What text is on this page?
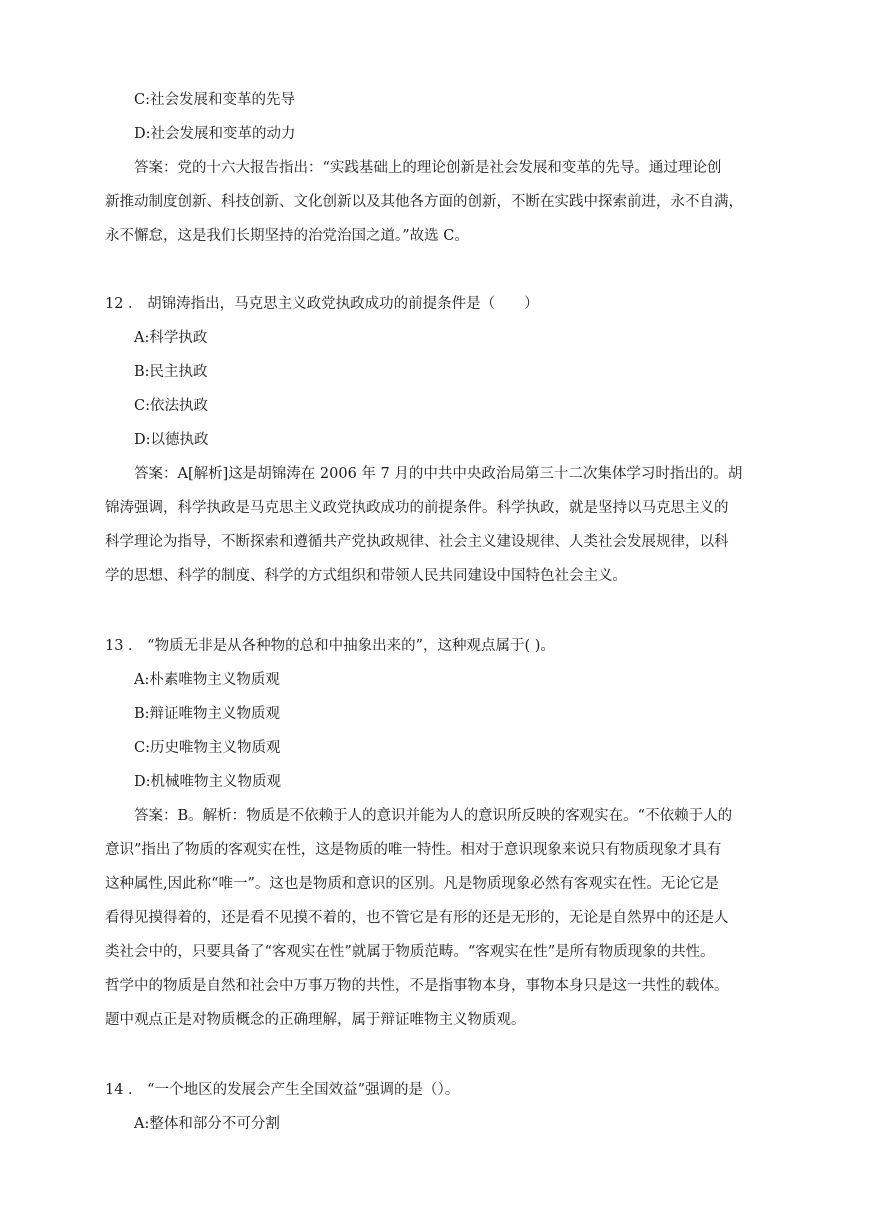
C:社会发展和变革的先导
D:社会发展和变革的动力
答案：党的十六大报告指出：“实践基础上的理论创新是社会发展和变革的先导。通过理论创
新推动制度创新、科技创新、文化创新以及其他各方面的创新，不断在实践中探索前进，永不自满，
永不懈怠，这是我们长期坚持的治党治国之道。”故选 C。
12 ． 胡锦涛指出，马克思主义政党执政成功的前提条件是（　　）
A:科学执政
B:民主执政
C:依法执政
D:以德执政
答案：A[解析]这是胡锦涛在 2006 年 7 月的中共中央政治局第三十二次集体学习时指出的。胡
锦涛强调，科学执政是马克思主义政党执政成功的前提条件。科学执政，就是坚持以马克思主义的
科学理论为指导，不断探索和遵循共产党执政规律、社会主义建设规律、人类社会发展规律，以科
学的思想、科学的制度、科学的方式组织和带领人民共同建设中国特色社会主义。
13 ． “物质无非是从各种物的总和中抽象出来的”，这种观点属于( )。
A:朴素唯物主义物质观
B:辩证唯物主义物质观
C:历史唯物主义物质观
D:机械唯物主义物质观
答案：B。解析：物质是不依赖于人的意识并能为人的意识所反映的客观实在。“不依赖于人的
意识”指出了物质的客观实在性，这是物质的唯一特性。相对于意识现象来说只有物质现象才具有
这种属性,因此称“唯一”。这也是物质和意识的区别。凡是物质现象必然有客观实在性。无论它是
看得见摸得着的，还是看不见摸不着的，也不管它是有形的还是无形的，无论是自然界中的还是人
类社会中的，只要具备了“客观实在性”就属于物质范畴。“客观实在性”是所有物质现象的共性。
哲学中的物质是自然和社会中万事万物的共性，不是指事物本身，事物本身只是这一共性的载体。
题中观点正是对物质概念的正确理解，属于辩证唯物主义物质观。
14 ． “一个地区的发展会产生全国效益”强调的是（）。
A:整体和部分不可分割
